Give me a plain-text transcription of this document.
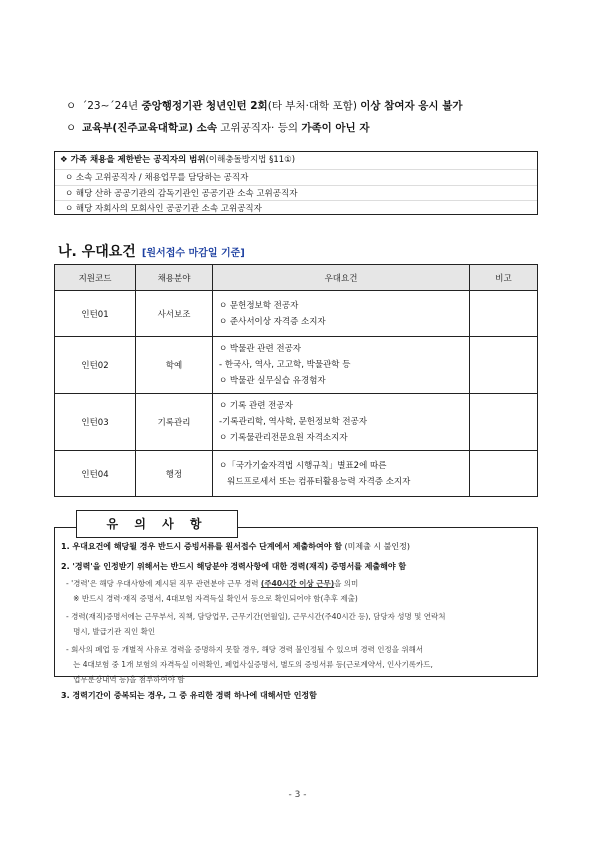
ㅇ ´23∼´24년 중앙행정기관 청년인턴 2회(타 부처·대학 포함) 이상 참여자 응시 불가
ㅇ 교육부(진주교육대학교) 소속 고위공직자· 등의 가족이 아닌 자
❖ 가족 채용을 제한받는 공직자의 범위(이해충돌방지법 §11①)
ㅇ 소속 고위공직자 / 채용업무를 담당하는 공직자
ㅇ 해당 산하 공공기관의 감독기관인 공공기관 소속 고위공직자
ㅇ 해당 자회사의 모회사인 공공기관 소속 고위공직자
나. 우대요건 [원서접수 마감일 기준]
지원코드	채용분야	우대요건	비고
인턴01	사서보조	ㅇ 문헌정보학 전공자
ㅇ 준사서이상 자격증 소지자	

인턴02	학예	ㅇ 박물관 관련 전공자
- 한국사, 역사, 고고학, 박물관학 등
ㅇ 박물관 실무실습 유경험자	

인턴03	기록관리	ㅇ 기록 관련 전공자
-기록관리학, 역사학, 문헌정보학 전공자
ㅇ 기록물관리전문요원 자격소지자	

인턴04	행정	ㅇ「국가기술자격법 시행규칙」별표2에 따른
워드프로세서 또는 컴퓨터활용능력 자격증 소지자	

유 의 사 항
1. 우대요건에 해당될 경우 반드시 증빙서류를 원서접수 단계에서 제출하여야 함 (미제출 시 불인정)
2. '경력'을 인정받기 위해서는 반드시 해당분야 경력사항에 대한 경력(재직) 증명서를 제출해야 함
- '경력'은 해당 우대사항에 제시된 직무 관련분야 근무 경력 (주40시간 이상 근무)을 의미
※ 반드시 경력·재직 증명서, 4대보험 자격득실 확인서 등으로 확인되어야 함(추후 제출)
- 경력(재직)증명서에는 근무부서, 직책, 담당업무, 근무기간(연월일), 근무시간(주40시간 등), 담당자 성명 및 연락처
명시, 발급기관 직인 확인
- 회사의 폐업 등 개별적 사유로 경력을 증명하지 못할 경우, 해당 경력 불인정될 수 있으며 경력 인정을 위해서
는 4대보험 중 1개 보험의 자격득실 이력확인, 폐업사실증명서, 별도의 증빙서류 등(근로계약서, 인사기록카드,
업무분장내역 등)을 첨부하여야 함
3. 경력기간이 중복되는 경우, 그 중 유리한 경력 하나에 대해서만 인정함
- 3 -
